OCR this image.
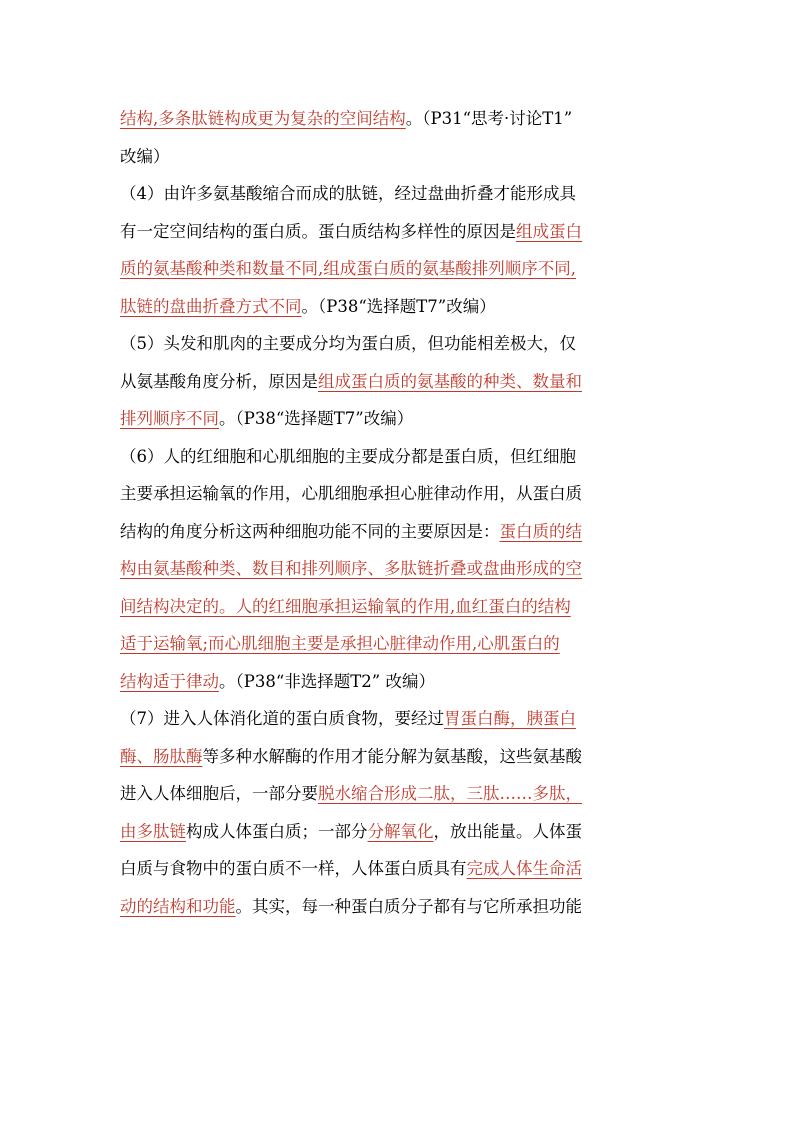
结构,多条肽链构成更为复杂的空间结构。（P31“思考·讨论T1”
改编）
（4）由许多氨基酸缩合而成的肽链，经过盘曲折叠才能形成具
有一定空间结构的蛋白质。蛋白质结构多样性的原因是组成蛋白
质的氨基酸种类和数量不同,组成蛋白质的氨基酸排列顺序不同,
肽链的盘曲折叠方式不同。（P38“选择题T7”改编）
（5）头发和肌肉的主要成分均为蛋白质，但功能相差极大，仅
从氨基酸角度分析，原因是组成蛋白质的氨基酸的种类、数量和
排列顺序不同。（P38“选择题T7”改编）
（6）人的红细胞和心肌细胞的主要成分都是蛋白质，但红细胞
主要承担运输氧的作用，心肌细胞承担心脏律动作用，从蛋白质
结构的角度分析这两种细胞功能不同的主要原因是：蛋白质的结
构由氨基酸种类、数目和排列顺序、多肽链折叠或盘曲形成的空
间结构决定的。人的红细胞承担运输氧的作用,血红蛋白的结构
适于运输氧;而心肌细胞主要是承担心脏律动作用,心肌蛋白的
结构适于律动。（P38“非选择题T2” 改编）
（7）进入人体消化道的蛋白质食物，要经过胃蛋白酶，胰蛋白
酶、肠肽酶等多种水解酶的作用才能分解为氨基酸，这些氨基酸
进入人体细胞后，一部分要脱水缩合形成二肽，三肽……多肽，
由多肽链构成人体蛋白质；一部分分解氧化，放出能量。人体蛋
白质与食物中的蛋白质不一样，人体蛋白质具有完成人体生命活
动的结构和功能。其实，每一种蛋白质分子都有与它所承担功能
